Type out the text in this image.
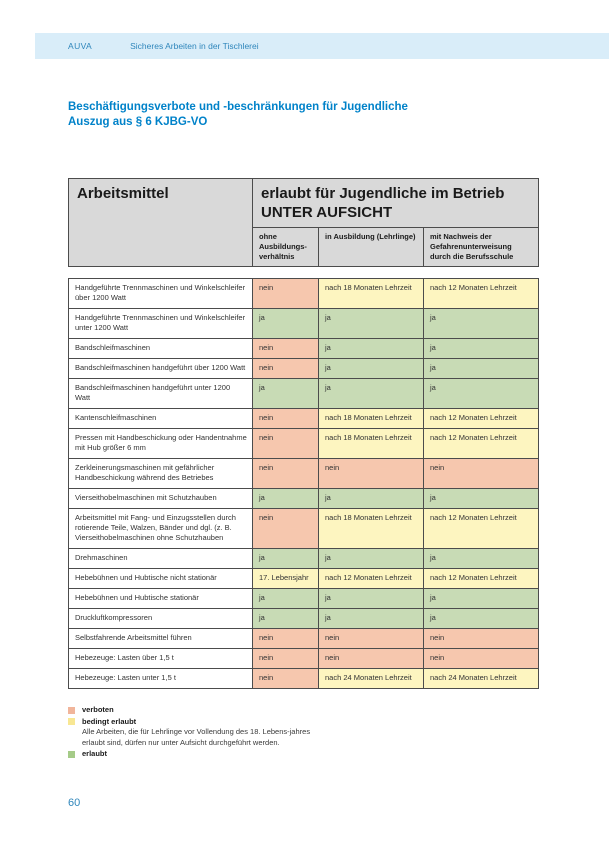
AUVA	Sicheres Arbeiten in der Tischlerei
Beschäftigungsverbote und -beschränkungen für Jugendliche
Auszug aus § 6 KJBG-VO
Arbeitsmittel	erlaubt für Jugendliche im Betrieb
UNTER AUFSICHT		

	ohne Ausbildungs-verhältnis	in Ausbildung (Lehrlinge)	mit Nachweis der Gefahrenunterweisung durch die Berufsschule
Handgeführte Trennmaschinen und Winkelschleifer über 1200 Watt	nein	nach 18 Monaten Lehrzeit	nach 12 Monaten Lehrzeit
Handgeführte Trennmaschinen und Winkelschleifer unter 1200 Watt	ja	ja	ja
Bandschleifmaschinen	nein	ja	ja
Bandschleifmaschinen handgeführt über 1200 Watt	nein	ja	ja
Bandschleifmaschinen handgeführt unter 1200 Watt	ja	ja	ja
Kantenschleifmaschinen	nein	nach 18 Monaten Lehrzeit	nach 12 Monaten Lehrzeit
Pressen mit Handbeschickung oder Handentnahme mit Hub größer 6 mm	nein	nach 18 Monaten Lehrzeit	nach 12 Monaten Lehrzeit
Zerkleinerungsmaschinen mit gefährlicher Handbeschickung während des Betriebes	nein	nein	nein
Vierseithobelmaschinen mit Schutzhauben	ja	ja	ja
Arbeitsmittel mit Fang- und Einzugsstellen durch rotierende Teile, Walzen, Bänder und dgl. (z. B. Vierseithobelmaschinen ohne Schutzhauben	nein	nach 18 Monaten Lehrzeit	nach 12 Monaten Lehrzeit
Drehmaschinen	ja	ja	ja
Hebebühnen und Hubtische nicht stationär	17. Lebensjahr	nach 12 Monaten Lehrzeit	nach 12 Monaten Lehrzeit
Hebebühnen und Hubtische stationär	ja	ja	ja
Druckluftkompressoren	ja	ja	ja
Selbstfahrende Arbeitsmittel führen	nein	nein	nein
Hebezeuge: Lasten über 1,5 t	nein	nein	nein
Hebezeuge: Lasten unter 1,5 t	nein	nach 24 Monaten Lehrzeit	nach 24 Monaten Lehrzeit
verboten
bedingt erlaubt
Alle Arbeiten, die für Lehrlinge vor Vollendung des 18. Lebens-jahres erlaubt sind, dürfen nur unter Aufsicht durchgeführt werden.
erlaubt
60
